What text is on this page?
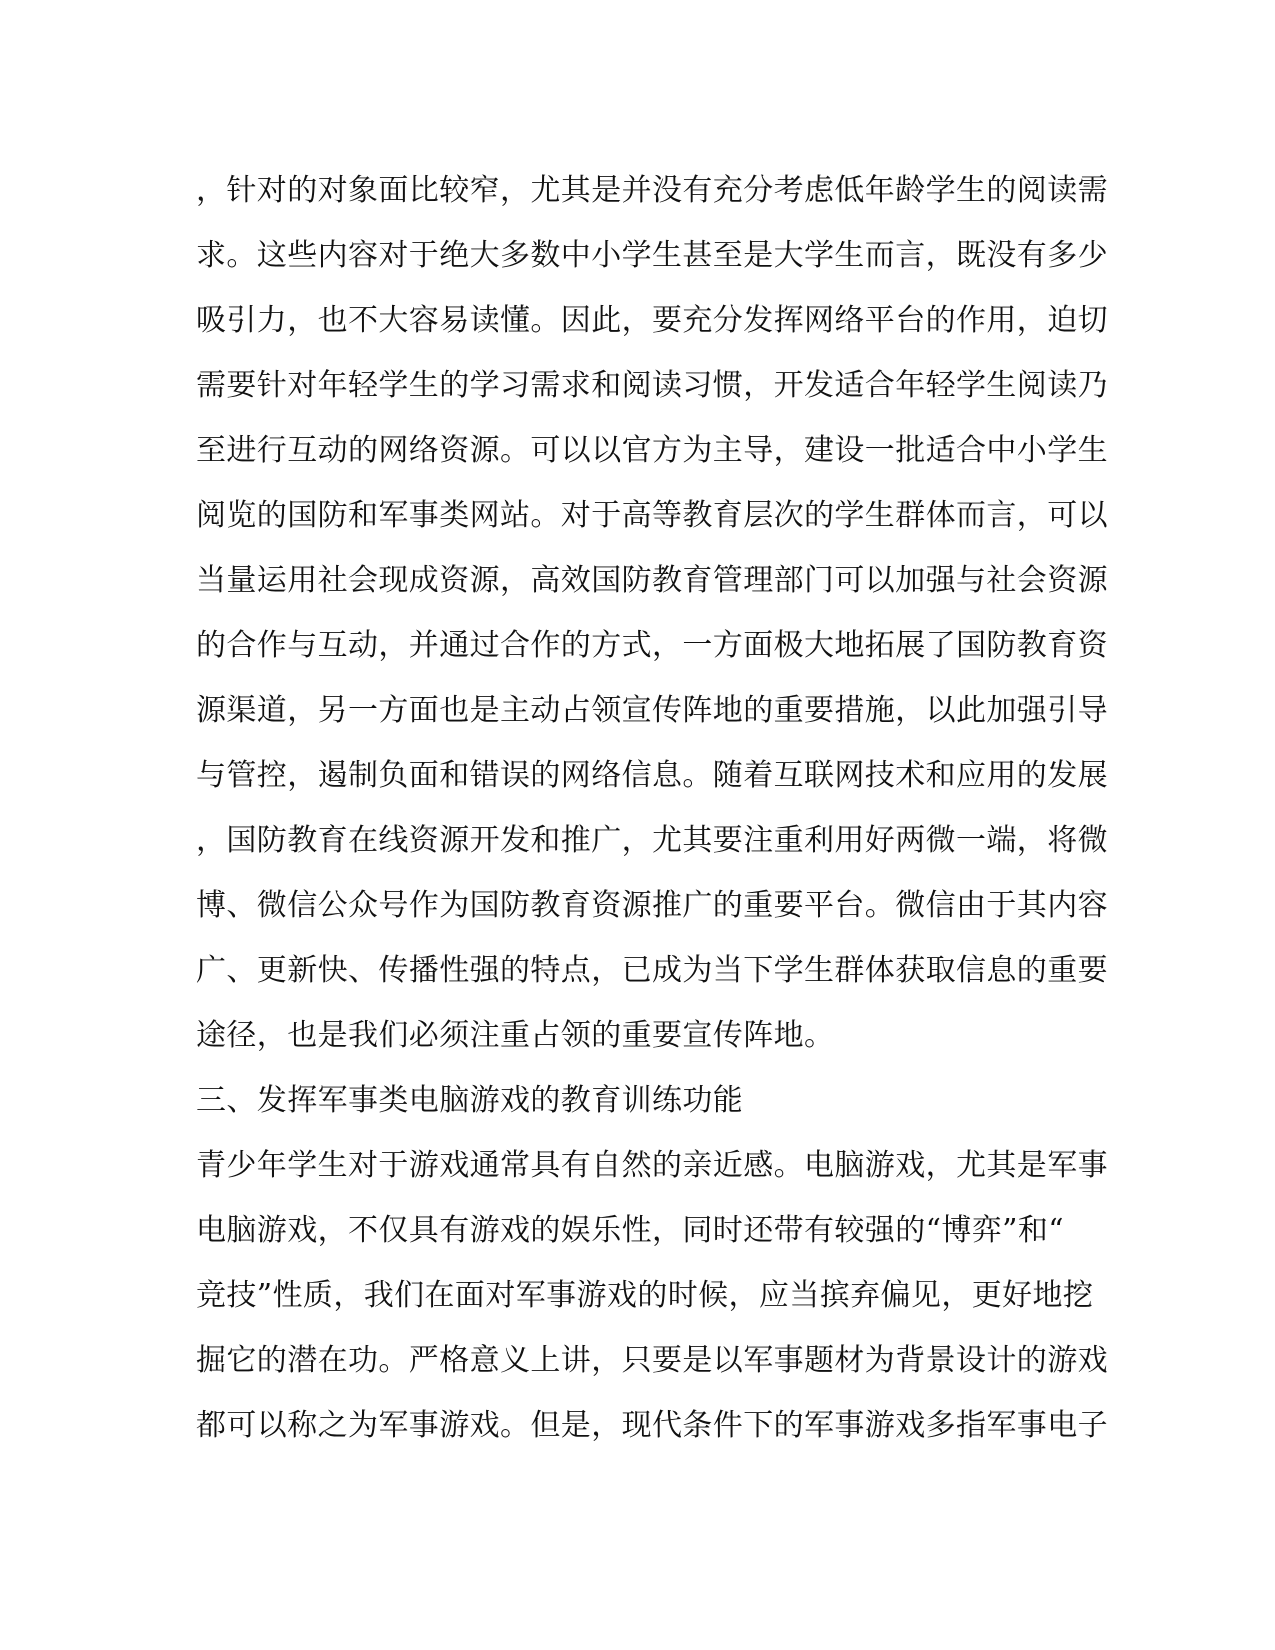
，针对的对象面比较窄，尤其是并没有充分考虑低年龄学生的阅读需
求。这些内容对于绝大多数中小学生甚至是大学生而言，既没有多少
吸引力，也不大容易读懂。因此，要充分发挥网络平台的作用，迫切
需要针对年轻学生的学习需求和阅读习惯，开发适合年轻学生阅读乃
至进行互动的网络资源。可以以官方为主导，建设一批适合中小学生
阅览的国防和军事类网站。对于高等教育层次的学生群体而言，可以
当量运用社会现成资源，高效国防教育管理部门可以加强与社会资源
的合作与互动，并通过合作的方式，一方面极大地拓展了国防教育资
源渠道，另一方面也是主动占领宣传阵地的重要措施，以此加强引导
与管控，遏制负面和错误的网络信息。随着互联网技术和应用的发展
，国防教育在线资源开发和推广，尤其要注重利用好两微一端，将微
博、微信公众号作为国防教育资源推广的重要平台。微信由于其内容
广、更新快、传播性强的特点，已成为当下学生群体获取信息的重要
途径，也是我们必须注重占领的重要宣传阵地。
三、发挥军事类电脑游戏的教育训练功能
青少年学生对于游戏通常具有自然的亲近感。电脑游戏，尤其是军事
电脑游戏，不仅具有游戏的娱乐性，同时还带有较强的“博弈”和“
竞技”性质，我们在面对军事游戏的时候，应当摈弃偏见，更好地挖
掘它的潜在功。严格意义上讲，只要是以军事题材为背景设计的游戏
都可以称之为军事游戏。但是，现代条件下的军事游戏多指军事电子
